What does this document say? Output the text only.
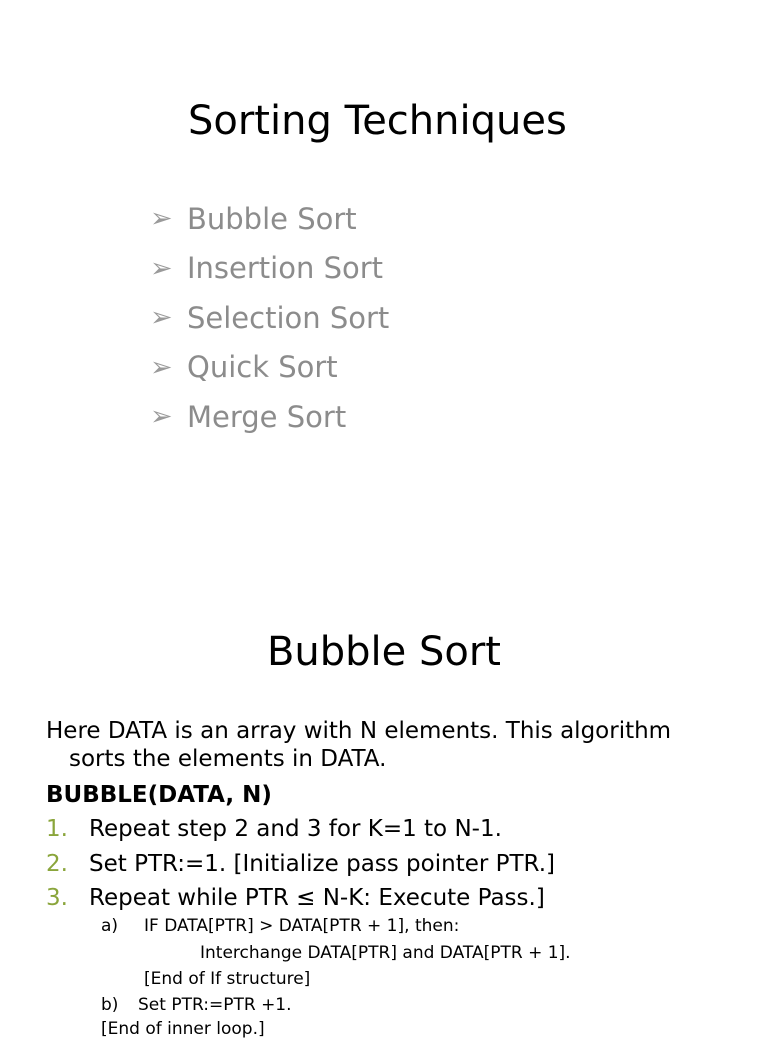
Sorting Techniques
➢ Bubble Sort
➢ Insertion Sort
➢ Selection Sort
➢ Quick Sort
➢ Merge Sort
Bubble Sort
Here DATA is an array with N elements. This algorithm
sorts the elements in DATA.
BUBBLE(DATA, N)
1. Repeat step 2 and 3 for K=1 to N-1.
2. Set PTR:=1. [Initialize pass pointer PTR.]
3. Repeat while PTR ≤ N-K: Execute Pass.]
a) IF DATA[PTR] > DATA[PTR + 1], then:
Interchange DATA[PTR] and DATA[PTR + 1].
[End of If structure]
b) Set PTR:=PTR +1.
[End of inner loop.]
